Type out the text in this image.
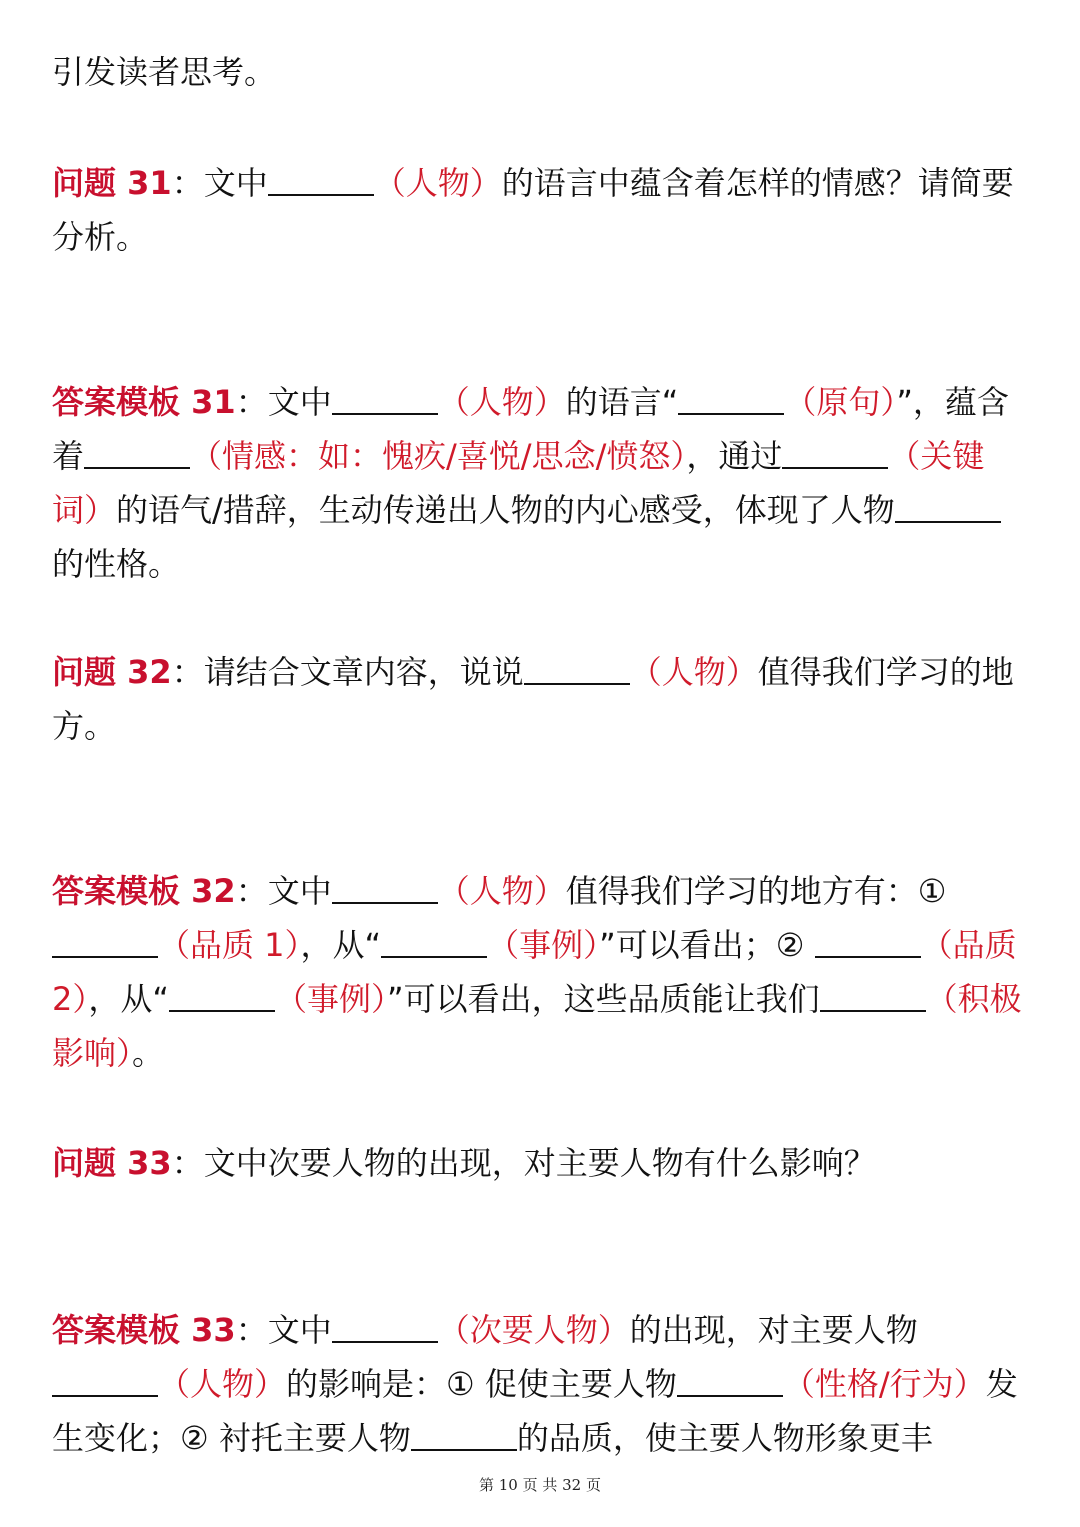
引发读者思考。

问题 31：文中	（人物）的语言中蕴含着怎样的情感？请简要分析。

答案模板 31：文中	（人物）的语言“	（原句）”，蕴含着	（情感：如：愧疚/喜悦/思念/愤怒），通过	（关键词）的语气/措辞，生动传递出人物的内心感受，体现了人物的性格。

问题 32：请结合文章内容，说说	（人物）值得我们学习的地方。

答案模板 32：文中	（人物）值得我们学习的地方有：① （品质 1），从“	（事例）”可以看出；②	（品质 2），从“	（事例）”可以看出，这些品质能让我们	（积极影响）。

问题 33：文中次要人物的出现，对主要人物有什么影响？

答案模板 33：文中	（次要人物）的出现，对主要人物 （人物）的影响是：① 促使主要人物	（性格/行为）发生变化；② 衬托主要人物	的品质，使主要人物形象更丰

第 10 页 共 32 页
